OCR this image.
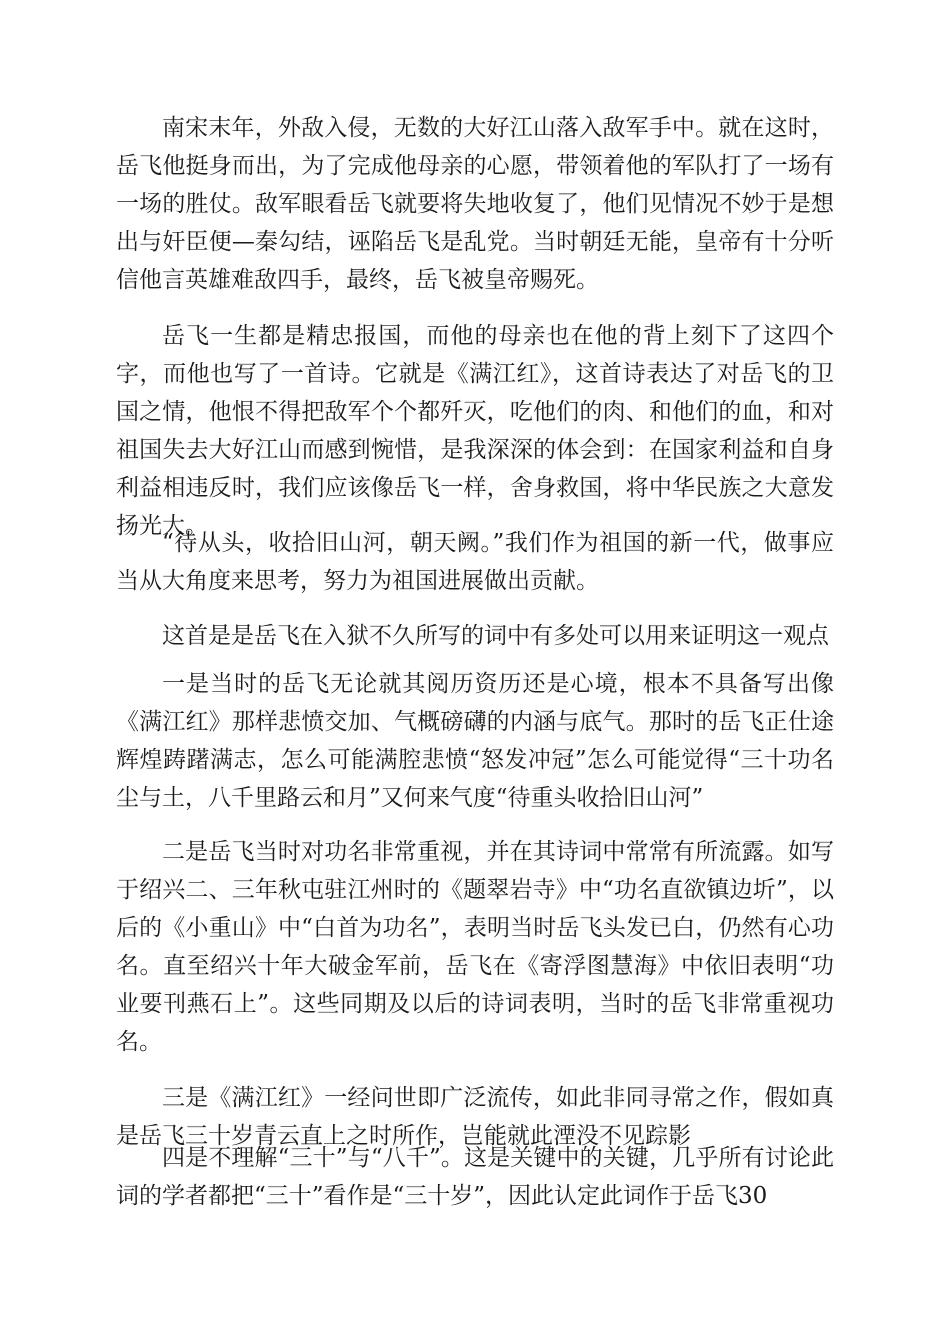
南宋末年，外敌入侵，无数的大好江山落入敌军手中。就在这时，岳飞他挺身而出，为了完成他母亲的心愿，带领着他的军队打了一场有一场的胜仗。敌军眼看岳飞就要将失地收复了，他们见情况不妙于是想出与奸臣便—秦勾结，诬陷岳飞是乱党。当时朝廷无能，皇帝有十分听信他言英雄难敌四手，最终，岳飞被皇帝赐死。

岳飞一生都是精忠报国，而他的母亲也在他的背上刻下了这四个字，而他也写了一首诗。它就是《满江红》，这首诗表达了对岳飞的卫国之情，他恨不得把敌军个个都歼灭，吃他们的肉、和他们的血，和对祖国失去大好江山而感到惋惜，是我深深的体会到：在国家利益和自身利益相违反时，我们应该像岳飞一样，舍身救国，将中华民族之大意发扬光大。

“待从头，收拾旧山河，朝天阙。”我们作为祖国的新一代，做事应当从大角度来思考，努力为祖国进展做出贡献。

这首是是岳飞在入狱不久所写的词中有多处可以用来证明这一观点

一是当时的岳飞无论就其阅历资历还是心境，根本不具备写出像《满江红》那样悲愤交加、气概磅礴的内涵与底气。那时的岳飞正仕途辉煌踌躇满志，怎么可能满腔悲愤“怒发冲冠”怎么可能觉得“三十功名尘与土，八千里路云和月”又何来气度“待重头收拾旧山河”

二是岳飞当时对功名非常重视，并在其诗词中常常有所流露。如写于绍兴二、三年秋屯驻江州时的《题翠岩寺》中“功名直欲镇边圻”，以后的《小重山》中“白首为功名”，表明当时岳飞头发已白，仍然有心功名。直至绍兴十年大破金军前，岳飞在《寄浮图慧海》中依旧表明“功业要刊燕石上”。这些同期及以后的诗词表明，当时的岳飞非常重视功名。

三是《满江红》一经问世即广泛流传，如此非同寻常之作，假如真是岳飞三十岁青云直上之时所作，岂能就此湮没不见踪影

四是不理解“三十”与“八千”。这是关键中的关键，几乎所有讨论此词的学者都把“三十”看作是“三十岁”，因此认定此词作于岳飞30
